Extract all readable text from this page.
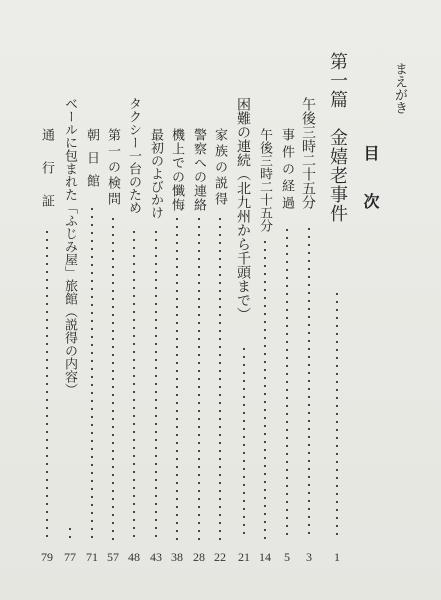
まえがき
目　次
第一篇　金嬉老事件
1
午後三時二十五分
3
事件の経過
5
午後三時二十五分
14
困難の連続（北九州から千頭まで）
21
家族の説得
22
警察への連絡
28
機上での懺悔
38
最初のよびかけ
43
タクシー一台のため
48
第一の検問
57
朝日館
71
ベールに包まれた「ふじみ屋」旅館（説得の内容）
77
通行証
79
